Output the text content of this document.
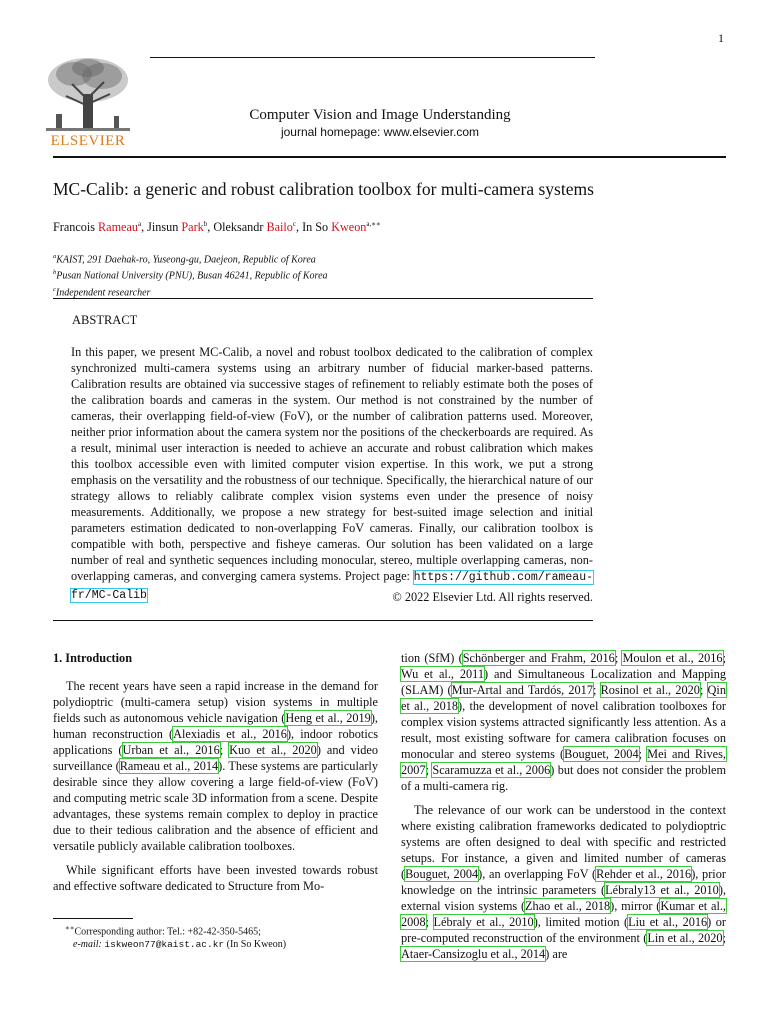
1
ELSEVIER
Computer Vision and Image Understanding
journal homepage: www.elsevier.com
MC-Calib: a generic and robust calibration toolbox for multi-camera systems
Francois Rameau$^a$, Jinsun Park$^b$, Oleksandr Bailo$^c$, In So Kweon$^{a,∗∗}$
$^a$KAIST, 291 Daehak-ro, Yuseong-gu, Daejeon, Republic of Korea
$^b$Pusan National University (PNU), Busan 46241, Republic of Korea
$^c$Independent researcher
ABSTRACT
In this paper, we present MC-Calib, a novel and robust toolbox dedicated to the calibration of complex synchronized multi-camera systems using an arbitrary number of fiducial marker-based patterns. Calibration results are obtained via successive stages of refinement to reliably estimate both the poses of the calibration boards and cameras in the system. Our method is not constrained by the number of cameras, their overlapping field-of-view (FoV), or the number of calibration patterns used. Moreover, neither prior information about the camera system nor the positions of the checkerboards are required. As a result, minimal user interaction is needed to achieve an accurate and robust calibration which makes this toolbox accessible even with limited computer vision expertise. In this work, we put a strong emphasis on the versatility and the robustness of our technique. Specifically, the hierarchical nature of our strategy allows to reliably calibrate complex vision systems even under the presence of noisy measurements. Additionally, we propose a new strategy for best-suited image selection and initial parameters estimation dedicated to non-overlapping FoV cameras. Finally, our calibration toolbox is compatible with both, perspective and fisheye cameras. Our solution has been validated on a large number of real and synthetic sequences including monocular, stereo, multiple overlapping cameras, non-overlapping cameras, and converging camera systems. Project page: https://github.com/rameau-fr/MC-Calib	© 2022 Elsevier Ltd. All rights reserved.
1. Introduction

The recent years have seen a rapid increase in the demand for polydioptric (multi-camera setup) vision systems in multiple fields such as autonomous vehicle navigation (Heng et al., 2019), human reconstruction (Alexiadis et al., 2016), indoor robotics applications (Urban et al., 2016; Kuo et al., 2020) and video surveillance (Rameau et al., 2014). These systems are particularly desirable since they allow covering a large field-of-view (FoV) and computing metric scale 3D information from a scene. Despite advantages, these systems remain complex to deploy in practice due to their tedious calibration and the absence of efficient and versatile publicly available calibration toolboxes.

While significant efforts have been invested towards robust and effective software dedicated to Structure from Mo-

tion (SfM) (Schönberger and Frahm, 2016; Moulon et al., 2016; Wu et al., 2011) and Simultaneous Localization and Mapping (SLAM) (Mur-Artal and Tardós, 2017; Rosinol et al., 2020; Qin et al., 2018), the development of novel calibration toolboxes for complex vision systems attracted significantly less attention. As a result, most existing software for camera calibration focuses on monocular and stereo systems (Bouguet, 2004; Mei and Rives, 2007; Scaramuzza et al., 2006) but does not consider the problem of a multi-camera rig.

The relevance of our work can be understood in the context where existing calibration frameworks dedicated to polydioptric systems are often designed to deal with specific and restricted setups. For instance, a given and limited number of cameras (Bouguet, 2004), an overlapping FoV (Rehder et al., 2016), prior knowledge on the intrinsic parameters (Lébraly13 et al., 2010), external vision systems (Zhao et al., 2018), mirror (Kumar et al., 2008; Lébraly et al., 2010), limited motion (Liu et al., 2016) or pre-computed reconstruction of the environment (Lin et al., 2020; Ataer-Cansizoglu et al., 2014) are

∗∗Corresponding author: Tel.: +82-42-350-5465;
e-mail: iskweon77@kaist.ac.kr (In So Kweon)
